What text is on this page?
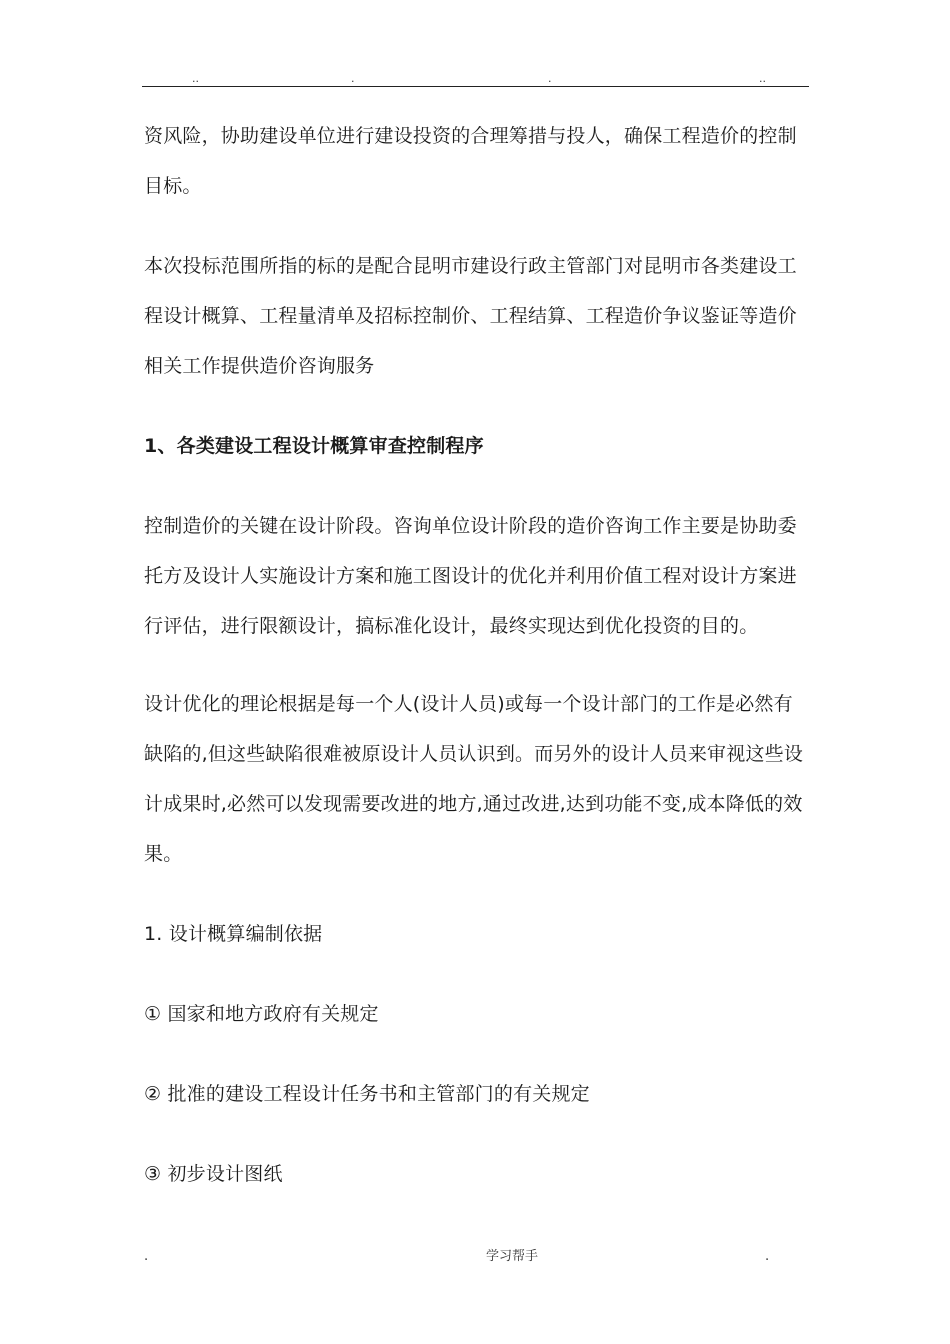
..	.	.	..
资风险，协助建设单位进行建设投资的合理筹措与投人，确保工程造价的控制
目标。
本次投标范围所指的标的是配合昆明市建设行政主管部门对昆明市各类建设工
程设计概算、工程量清单及招标控制价、工程结算、工程造价争议鉴证等造价
相关工作提供造价咨询服务
1、各类建设工程设计概算审查控制程序
控制造价的关键在设计阶段。咨询单位设计阶段的造价咨询工作主要是协助委
托方及设计人实施设计方案和施工图设计的优化并利用价值工程对设计方案进
行评估，进行限额设计，搞标准化设计，最终实现达到优化投资的目的。
设计优化的理论根据是每一个人(设计人员)或每一个设计部门的工作是必然有
缺陷的,但这些缺陷很难被原设计人员认识到。而另外的设计人员来审视这些设
计成果时,必然可以发现需要改进的地方,通过改进,达到功能不变,成本降低的效
果。
1. 设计概算编制依据
① 国家和地方政府有关规定
② 批准的建设工程设计任务书和主管部门的有关规定
③ 初步设计图纸
.	学习帮手	.
